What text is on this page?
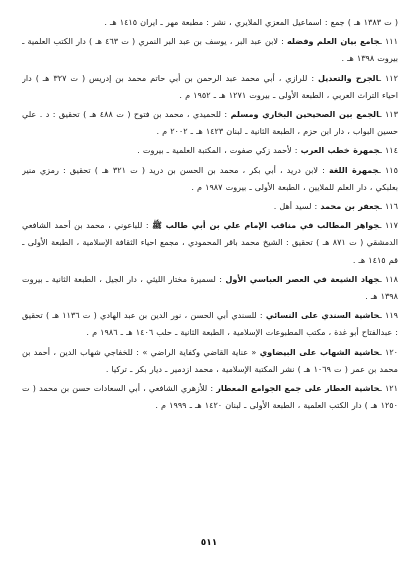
( ت ١٣٨٣ هـ ) جمع : اسماعيل المعزي الملايري ، نشر : مطبعة مهر ـ ايران ١٤١٥ هـ .

١١١ ـجامع بيان العلم وفضله : لابن عبد البر ، يوسف بن عبد البر النمري ( ت ٤٦٣ هـ ) دار الكتب العلمية ـ بيروت ١٣٩٨ هـ .

١١٢ ـالجرح والتعديل : للرازي ، أبي محمد عبد الرحمن بن أبي حاتم محمد بن إدريس ( ت ٣٢٧ هـ ) دار احياء التراث العربي ، الطبعة الأولى ـ بيروت ١٢٧١ هـ ـ ١٩٥٢ م .

١١٣ ـالجمع بين الصحيحين البخاري ومسلم : للحميدي ، محمد بن فتوح ( ت ٤٨٨ هـ ) تحقيق : د . علي حسين البواب ، دار ابن حزم ، الطبعة الثانية ـ لبنان ١٤٢٣ هـ ـ ٢٠٠٢ م .

١١٤ ـجمهرة خطب العرب : لأحمد زكي صفوت ، المكتبة العلمية ـ بيروت .

١١٥ ـجمهرة اللغة : لابن دريد ، أبي بكر ، محمد بن الحسن بن دريد ( ت ٣٢١ هـ ) تحقيق : رمزي منير بعلبكي ، دار العلم للملايين ، الطبعة الأولى ـ بيروت ١٩٨٧ م .

١١٦ ـجعفر بن محمد : لسيد أهل .

١١٧ ـجواهر المطالب في مناقب الإمام علي بن أبي طالب ﷺ : للباعوني ، محمد بن أحمد الشافعي الدمشقي ( ت ٨٧١ هـ ) تحقيق : الشيخ محمد باقر المحمودي ، مجمع احياء الثقافة الإسلامية ، الطبعة الأولى ـ قم ١٤١٥ هـ .

١١٨ ـجهاد الشيعة في العصر العباسي الأول : لسميرة مختار الليثي ، دار الجيل ، الطبعة الثانية ـ بيروت ١٣٩٨ هـ .

١١٩ ـحاشية السندي على النسائي : للسندي أبي الحسن ، نور الدين بن عبد الهادي ( ت ١١٣٦ هـ ) تحقيق : عبدالفتاح أبو غدة ، مكتب المطبوعات الإسلامية ، الطبعة الثانية ـ حلب ١٤٠٦ هـ ـ ١٩٨٦ م .

١٢٠ ـحاشية الشهاب على البيضاوي « عناية القاضي وكفاية الراضي » : للخفاجي شهاب الدين ، أحمد بن محمد بن عمر ( ت ١٠٦٩ هـ ) نشر المكتبة الإسلامية ، محمد ازدمير ـ ديار بكر ـ تركيا .

١٢١ ـحاشية العطار على جمع الجوامع المعطار : للأزهري الشافعي ، أبي السعادات حسن بن محمد ( ت ١٢٥٠ هـ ) دار الكتب العلمية ، الطبعة الأولى ـ لبنان ١٤٢٠ هـ ـ ١٩٩٩ م .

٥١١
